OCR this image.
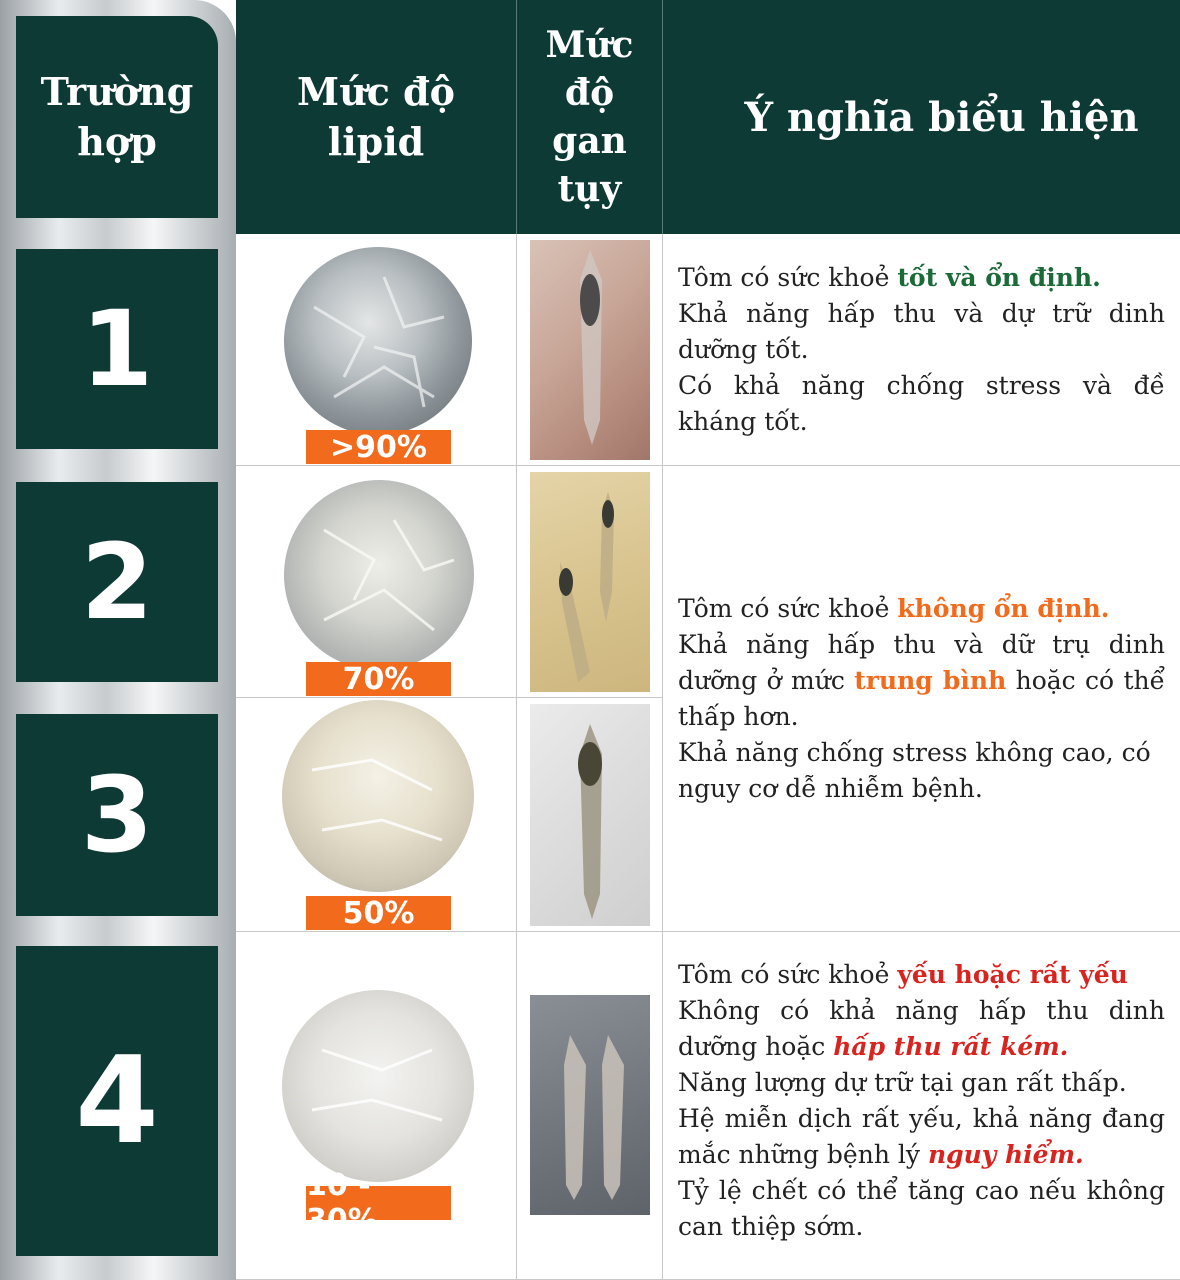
Trường hợp
Mức độ lipid
Mức độ gan tụy
Ý nghĩa biểu hiện
1
2
3
4
>90%
70%
50%
10 - 30%

Tôm có sức khoẻ tốt và ổn định.

Khả năng hấp thu và dự trữ dinh dưỡng tốt.

Có khả năng chống stress và đề kháng tốt.

Tôm có sức khoẻ không ổn định.

Khả năng hấp thu và dữ trụ dinh dưỡng ở mức trung bình hoặc có thể thấp hơn.

Khả năng chống stress không cao, có nguy cơ dễ nhiễm bệnh.

Tôm có sức khoẻ yếu hoặc rất yếu

Không có khả năng hấp thu dinh dưỡng hoặc hấp thu rất kém.

Năng lượng dự trữ tại gan rất thấp.

Hệ miễn dịch rất yếu, khả năng đang mắc những bệnh lý nguy hiểm.

Tỷ lệ chết có thể tăng cao nếu không can thiệp sớm.
